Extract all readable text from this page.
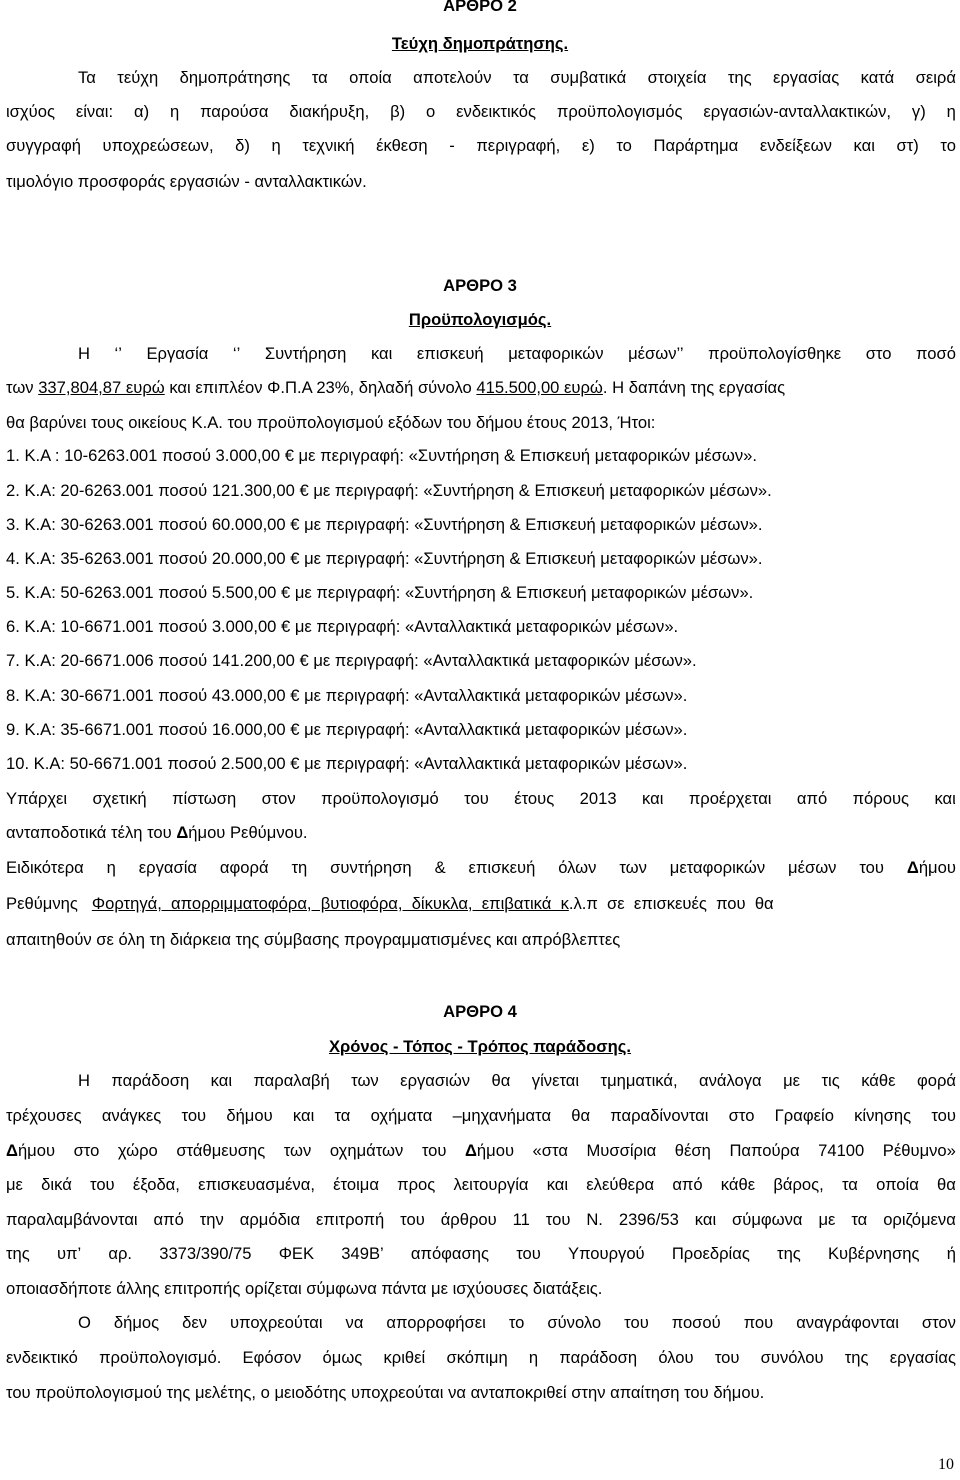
ΑΡΘΡΟ 2
Τεύχη δημοπράτησης.
Τα τεύχη δημοπράτησης τα οποία αποτελούν τα συμβατικά στοιχεία της εργασίας κατά σειρά
ισχύος είναι: α) η παρούσα διακήρυξη, β) ο ενδεικτικός προϋπολογισμός εργασιών-ανταλλακτικών, γ) η
συγγραφή υποχρεώσεων, δ) η τεχνική έκθεση - περιγραφή, ε) το Παράρτημα ενδείξεων και στ) το
τιμολόγιο προσφοράς εργασιών - ανταλλακτικών.
ΑΡΘΡΟ 3
Προϋπολογισμός.
Η ‘’ Εργασία ‘’ Συντήρηση και επισκευή μεταφορικών μέσων’’ προϋπολογίσθηκε στο ποσό
των 337,804,87 ευρώ και επιπλέον Φ.Π.Α 23%, δηλαδή σύνολο 415.500,00 ευρώ. Η δαπάνη της εργασίας
θα βαρύνει τους οικείους Κ.Α. του προϋπολογισμού εξόδων του δήμου έτους 2013, Ήτοι:
1. Κ.Α : 10-6263.001 ποσού 3.000,00 € με περιγραφή: «Συντήρηση & Επισκευή μεταφορικών μέσων».
2. Κ.Α: 20-6263.001 ποσού 121.300,00 € με περιγραφή: «Συντήρηση & Επισκευή μεταφορικών μέσων».
3. Κ.Α: 30-6263.001 ποσού 60.000,00 € με περιγραφή: «Συντήρηση & Επισκευή μεταφορικών μέσων».
4. Κ.Α: 35-6263.001 ποσού 20.000,00 € με περιγραφή: «Συντήρηση & Επισκευή μεταφορικών μέσων».
5. Κ.Α: 50-6263.001 ποσού 5.500,00 € με περιγραφή: «Συντήρηση & Επισκευή μεταφορικών μέσων».
6. Κ.Α: 10-6671.001 ποσού 3.000,00 € με περιγραφή: «Ανταλλακτικά μεταφορικών μέσων».
7. Κ.Α: 20-6671.006 ποσού 141.200,00 € με περιγραφή: «Ανταλλακτικά μεταφορικών μέσων».
8. Κ.Α: 30-6671.001 ποσού 43.000,00 € με περιγραφή: «Ανταλλακτικά μεταφορικών μέσων».
9. Κ.Α: 35-6671.001 ποσού 16.000,00 € με περιγραφή: «Ανταλλακτικά μεταφορικών μέσων».
10. Κ.Α: 50-6671.001 ποσού 2.500,00 € με περιγραφή: «Ανταλλακτικά μεταφορικών μέσων».
Υπάρχει σχετική πίστωση στον προϋπολογισμό του έτους 2013 και προέρχεται από πόρους και
ανταποδοτικά τέλη του Δήμου Ρεθύμνου.
Ειδικότερα η εργασία αφορά τη συντήρηση & επισκευή όλων των μεταφορικών μέσων του Δήμου
Ρεθύμνης Φορτηγά,  απορριμματοφόρα,  βυτιοφόρα,  δίκυκλα,  επιβατικά  κ.λ.π  σε  επισκευές  που  θα
απαιτηθούν σε όλη τη διάρκεια της σύμβασης προγραμματισμένες και απρόβλεπτες
ΑΡΘΡΟ 4
Χρόνος - Τόπος - Τρόπος παράδοσης.
Η παράδοση και παραλαβή των εργασιών θα γίνεται τμηματικά, ανάλογα με τις κάθε φορά
τρέχουσες ανάγκες του δήμου και τα οχήματα –μηχανήματα θα παραδίνονται στο Γραφείο κίνησης του
Δήμου στο χώρο στάθμευσης των οχημάτων του Δήμου «στα Μυσσίρια θέση Παπούρα 74100 Ρέθυμνο»
με δικά του έξοδα, επισκευασμένα, έτοιμα προς λειτουργία και ελεύθερα από κάθε βάρος, τα οποία θα
παραλαμβάνονται από την αρμόδια επιτροπή του άρθρου 11 του Ν. 2396/53 και σύμφωνα με τα οριζόμενα
της υπ’ αρ. 3373/390/75 ΦΕΚ 349Β’ απόφασης του Υπουργού Προεδρίας της Κυβέρνησης ή
οποιασδήποτε άλλης επιτροπής ορίζεται σύμφωνα πάντα με ισχύουσες διατάξεις.
Ο δήμος δεν υποχρεούται να απορροφήσει το σύνολο του ποσού που αναγράφονται στον
ενδεικτικό προϋπολογισμό. Εφόσον όμως κριθεί σκόπιμη η παράδοση όλου του συνόλου της εργασίας
του προϋπολογισμού της μελέτης, ο μειοδότης υποχρεούται να ανταποκριθεί στην απαίτηση του δήμου.
10
